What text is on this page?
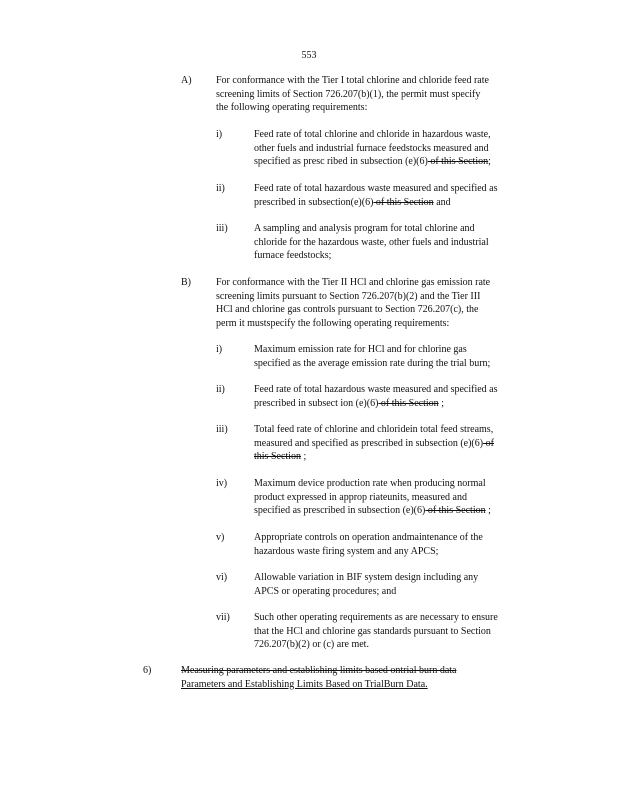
553
A) For conformance with the Tier I total chlorine and chloride feed rate
screening limits of Section 726.207(b)(1), the permit must specify
the following operating requirements:
i)	Feed rate of total chlorine and chloride in hazardous waste,
other fuels and industrial furnace feedstocks measured and
specified as presc ribed in subsection (e)(6) of this Section;
ii)	Feed rate of total hazardous waste measured and specified as
prescribed in subsection(e)(6) of this Section and
iii)	A sampling and analysis program for total chlorine and
chloride for the hazardous waste, other fuels and industrial
furnace feedstocks;
B)	For conformance with the Tier II HCl and chlorine gas emission rate
screening limits pursuant to Section 726.207(b)(2) and the Tier III
HCl and chlorine gas controls pursuant to Section 726.207(c), the
perm it mustspecify the following operating requirements:
i)	Maximum emission rate for HCl and for chlorine gas
specified as the average emission rate during the trial burn;
ii)	Feed rate of total hazardous waste measured and specified as
prescribed in subsect ion (e)(6) of this Section ;
iii)	Total feed rate of chlorine and chloridein total feed streams,
measured and specified as prescribed in subsection (e)(6) of
this Section ;
iv)	Maximum device production rate when producing normal
product expressed in approp riateunits, measured and
specified as prescribed in subsection (e)(6) of this Section ;
v)	Appropriate controls on operation andmaintenance of the
hazardous waste firing system and any APCS;
vi)	Allowable variation in BIF system design including any
APCS or operating procedures; and
vii) Such other operating requirements as are necessary to ensure
that the HCl and chlorine gas standards pursuant to Section
726.207(b)(2) or (c) are met.
6)	Measuring parameters and establishing limits based ontrial burn data
Parameters and Establishing Limits Based on TrialBurn Data.
